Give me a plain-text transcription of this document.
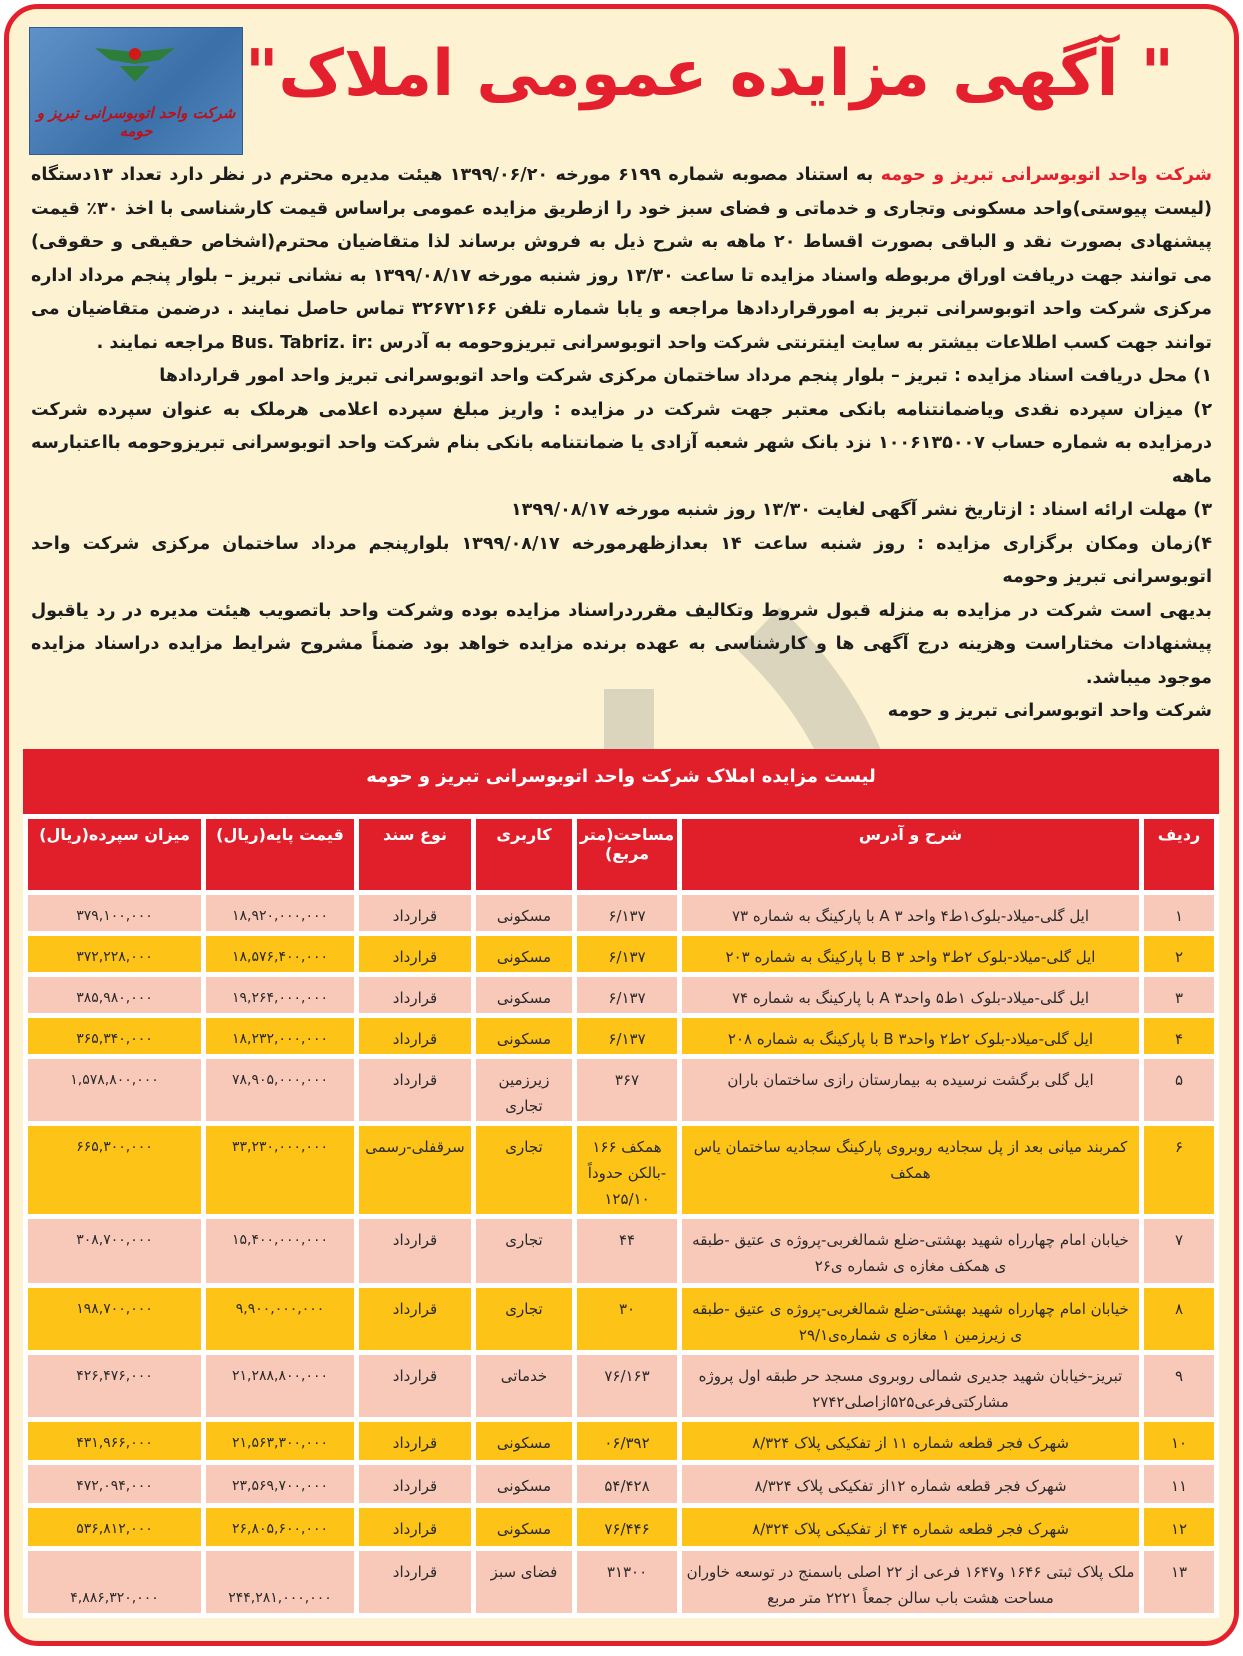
شرکت واحد اتوبوسرانی تبریز و حومه
" آگهی مزایده عمومی املاک"

شرکت واحد اتوبوسرانی تبریز و حومه به استناد مصوبه شماره ۶۱۹۹ مورخه ۱۳۹۹/۰۶/۲۰ هیئت مدیره محترم در نظر دارد تعداد ۱۳دستگاه (لیست پیوستی)واحد مسکونی وتجاری و خدماتی و فضای سبز خود را ازطریق مزایده عمومی براساس قیمت کارشناسی با اخذ ۳۰٪ قیمت پیشنهادی بصورت نقد و الباقی بصورت اقساط ۲۰ ماهه به شرح ذیل به فروش برساند لذا متقاضیان محترم(اشخاص حقیقی و حقوقی) می توانند جهت دریافت اوراق مربوطه واسناد مزایده تا ساعت ۱۳/۳۰ روز شنبه مورخه ۱۳۹۹/۰۸/۱۷ به نشانی تبریز – بلوار پنجم مرداد اداره مرکزی شرکت واحد اتوبوسرانی تبریز به امورقراردادها مراجعه و یابا شماره تلفن ۳۲۶۷۲۱۶۶ تماس حاصل نمایند . درضمن متقاضیان می توانند جهت کسب اطلاعات بیشتر به سایت اینترنتی شرکت واحد اتوبوسرانی تبریزوحومه به آدرس :Bus. Tabriz. ir مراجعه نمایند .

۱) محل دریافت اسناد مزایده : تبریز – بلوار پنجم مرداد ساختمان مرکزی شرکت واحد اتوبوسرانی تبریز واحد امور قراردادها

۲) میزان سپرده نقدی ویاضمانتنامه بانکی معتبر جهت شرکت در مزایده : واریز مبلغ سپرده اعلامی هرملک به عنوان سپرده شرکت درمزایده به شماره حساب ۱۰۰۶۱۳۵۰۰۷ نزد بانک شهر شعبه آزادی یا ضمانتنامه بانکی بنام شرکت واحد اتوبوسرانی تبریزوحومه بااعتبارسه ماهه

۳) مهلت ارائه اسناد : ازتاریخ نشر آگهی لغایت ۱۳/۳۰ روز شنبه مورخه ۱۳۹۹/۰۸/۱۷

۴)زمان ومکان برگزاری مزایده : روز شنبه ساعت ۱۴ بعدازظهرمورخه ۱۳۹۹/۰۸/۱۷ بلوارپنجم مرداد ساختمان مرکزی شرکت واحد اتوبوسرانی تبریز وحومه

بدیهی است شرکت در مزایده به منزله قبول شروط وتکالیف مقرردراسناد مزایده بوده وشرکت واحد باتصویب هیئت مدیره در رد یاقبول پیشنهادات مختاراست وهزینه درج آگهی ها و کارشناسی به عهده برنده مزایده خواهد بود ضمناً مشروح شرایط مزایده دراسناد مزایده موجود میباشد.

شرکت واحد اتوبوسرانی تبریز و حومه

لیست مزایده املاک شرکت واحد اتوبوسرانی تبریز و حومه
ردیف	شرح و آدرس	مساحت(متر مربع)	کاربری	نوع سند	قیمت پایه(ریال)	میزان سپرده(ریال)
۱	ایل گلی-میلاد-بلوک۱ط۴ واحد ۳ A با پارکینگ به شماره ۷۳	۶/۱۳۷	مسکونی	قرارداد	۱۸,۹۲۰,۰۰۰,۰۰۰	۳۷۹,۱۰۰,۰۰۰
۲	ایل گلی-میلاد-بلوک ۲ط۳ واحد ۳ B با پارکینگ به شماره ۲۰۳	۶/۱۳۷	مسکونی	قرارداد	۱۸,۵۷۶,۴۰۰,۰۰۰	۳۷۲,۲۲۸,۰۰۰
۳	ایل گلی-میلاد-بلوک ۱ط۵ واحد۳ A با پارکینگ به شماره ۷۴	۶/۱۳۷	مسکونی	قرارداد	۱۹,۲۶۴,۰۰۰,۰۰۰	۳۸۵,۹۸۰,۰۰۰
۴	ایل گلی-میلاد-بلوک ۲ط۲ واحد۳ B با پارکینگ به شماره ۲۰۸	۶/۱۳۷	مسکونی	قرارداد	۱۸,۲۳۲,۰۰۰,۰۰۰	۳۶۵,۳۴۰,۰۰۰
۵	ایل گلی برگشت نرسیده به بیمارستان رازی ساختمان باران	۳۶۷	زیرزمین تجاری	قرارداد	۷۸,۹۰۵,۰۰۰,۰۰۰	۱,۵۷۸,۸۰۰,۰۰۰
۶	کمربند میانی بعد از پل سجادیه روبروی پارکینگ سجادیه ساختمان یاس همکف	همکف ۱۶۶ -بالکن حدوداً ۱۲۵/۱۰	تجاری	سرقفلی-رسمی	۳۳,۲۳۰,۰۰۰,۰۰۰	۶۶۵,۳۰۰,۰۰۰
۷	خیابان امام چهارراه شهید بهشتی-ضلع شمالغربی-پروژه ی عتیق -طبقه ی همکف مغازه ی شماره ی۲۶	۴۴	تجاری	قرارداد	۱۵,۴۰۰,۰۰۰,۰۰۰	۳۰۸,۷۰۰,۰۰۰
۸	خیابان امام چهارراه شهید بهشتی-ضلع شمالغربی-پروژه ی عتیق -طبقه ی زیرزمین ۱ مغازه ی شماره‌ی۲۹/۱	۳۰	تجاری	قرارداد	۹,۹۰۰,۰۰۰,۰۰۰	۱۹۸,۷۰۰,۰۰۰
۹	تبریز-خیابان شهید جدیری شمالی روبروی مسجد حر طبقه اول پروژه مشارکتی‌فرعی۵۲۵ازاصلی۲۷۴۲	۷۶/۱۶۳	خدماتی	قرارداد	۲۱,۲۸۸,۸۰۰,۰۰۰	۴۲۶,۴۷۶,۰۰۰
۱۰	شهرک فجر قطعه شماره ۱۱ از تفکیکی پلاک ۸/۳۲۴	۰۶/۳۹۲	مسکونی	قرارداد	۲۱,۵۶۳,۳۰۰,۰۰۰	۴۳۱,۹۶۶,۰۰۰
۱۱	شهرک فجر قطعه شماره ۱۲از تفکیکی پلاک ۸/۳۲۴	۵۴/۴۲۸	مسکونی	قرارداد	۲۳,۵۶۹,۷۰۰,۰۰۰	۴۷۲,۰۹۴,۰۰۰
۱۲	شهرک فجر قطعه شماره ۴۴ از تفکیکی پلاک ۸/۳۲۴	۷۶/۴۴۶	مسکونی	قرارداد	۲۶,۸۰۵,۶۰۰,۰۰۰	۵۳۶,۸۱۲,۰۰۰
۱۳	ملک پلاک ثبتی ۱۶۴۶ و۱۶۴۷ فرعی از ۲۲ اصلی باسمنج در توسعه خاوران مساحت هشت باب سالن جمعاً ۲۲۲۱ متر مربع	۳۱۳۰۰	فضای سبز	قرارداد	۲۴۴,۲۸۱,۰۰۰,۰۰۰	۴,۸۸۶,۳۲۰,۰۰۰
